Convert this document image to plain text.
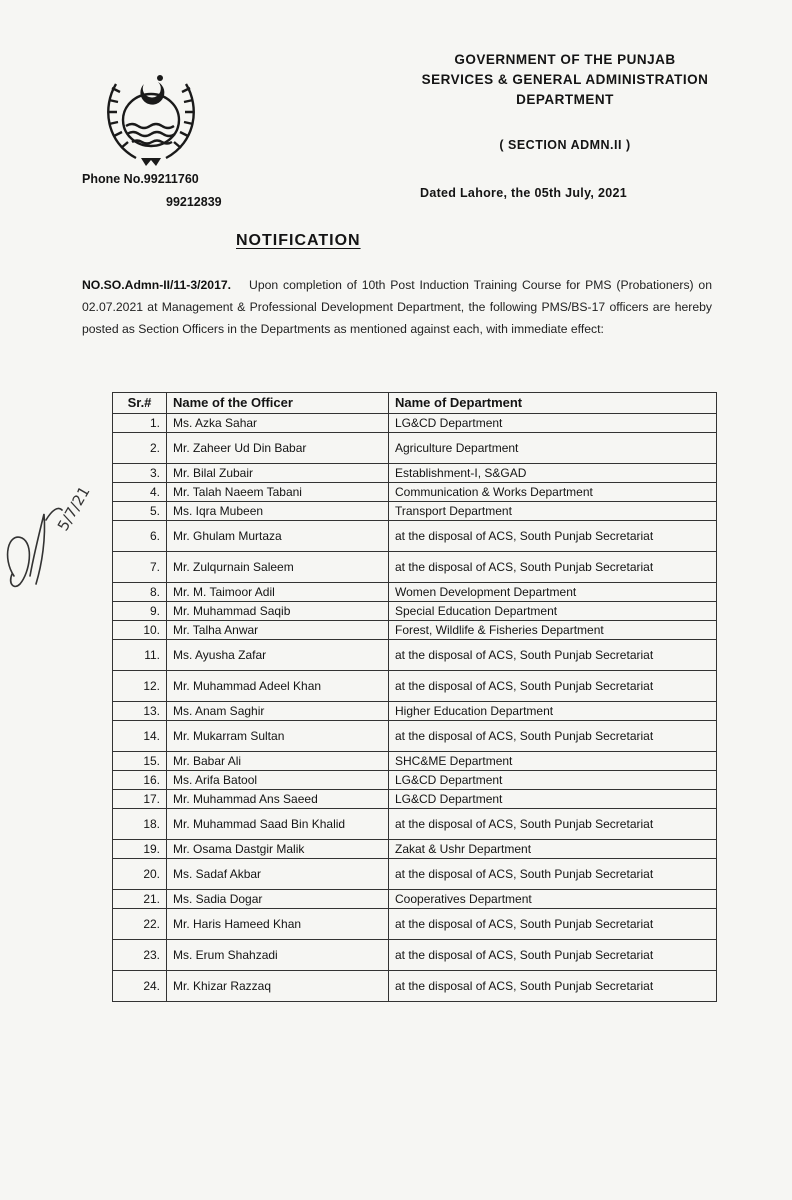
GOVERNMENT OF THE PUNJAB
SERVICES & GENERAL ADMINISTRATION
DEPARTMENT
( SECTION ADMN.II )
Phone No.99211760
99212839
Dated Lahore, the 05th July, 2021
NOTIFICATION
NO.SO.Admn-II/11-3/2017. Upon completion of 10th Post Induction Training Course for PMS (Probationers) on 02.07.2021 at Management & Professional Development Department, the following PMS/BS-17 officers are hereby posted as Section Officers in the Departments as mentioned against each, with immediate effect:
5/7/21
Sr.#	Name of the Officer	Name of Department
1.	Ms. Azka Sahar	LG&CD Department
2.	Mr. Zaheer Ud Din Babar	Agriculture Department
3.	Mr. Bilal Zubair	Establishment-I, S&GAD
4.	Mr. Talah Naeem Tabani	Communication & Works Department
5.	Ms. Iqra Mubeen	Transport Department
6.	Mr. Ghulam Murtaza	at the disposal of ACS, South Punjab Secretariat
7.	Mr. Zulqurnain Saleem	at the disposal of ACS, South Punjab Secretariat
8.	Mr. M. Taimoor Adil	Women Development Department
9.	Mr. Muhammad Saqib	Special Education Department
10.	Mr. Talha Anwar	Forest, Wildlife & Fisheries Department
11.	Ms. Ayusha Zafar	at the disposal of ACS, South Punjab Secretariat
12.	Mr. Muhammad Adeel Khan	at the disposal of ACS, South Punjab Secretariat
13.	Ms. Anam Saghir	Higher Education Department
14.	Mr. Mukarram Sultan	at the disposal of ACS, South Punjab Secretariat
15.	Mr. Babar Ali	SHC&ME Department
16.	Ms. Arifa Batool	LG&CD Department
17.	Mr. Muhammad Ans Saeed	LG&CD Department
18.	Mr. Muhammad Saad Bin Khalid	at the disposal of ACS, South Punjab Secretariat
19.	Mr. Osama Dastgir Malik	Zakat & Ushr Department
20.	Ms. Sadaf Akbar	at the disposal of ACS, South Punjab Secretariat
21.	Ms. Sadia Dogar	Cooperatives Department
22.	Mr. Haris Hameed Khan	at the disposal of ACS, South Punjab Secretariat
23.	Ms. Erum Shahzadi	at the disposal of ACS, South Punjab Secretariat
24.	Mr. Khizar Razzaq	at the disposal of ACS, South Punjab Secretariat
